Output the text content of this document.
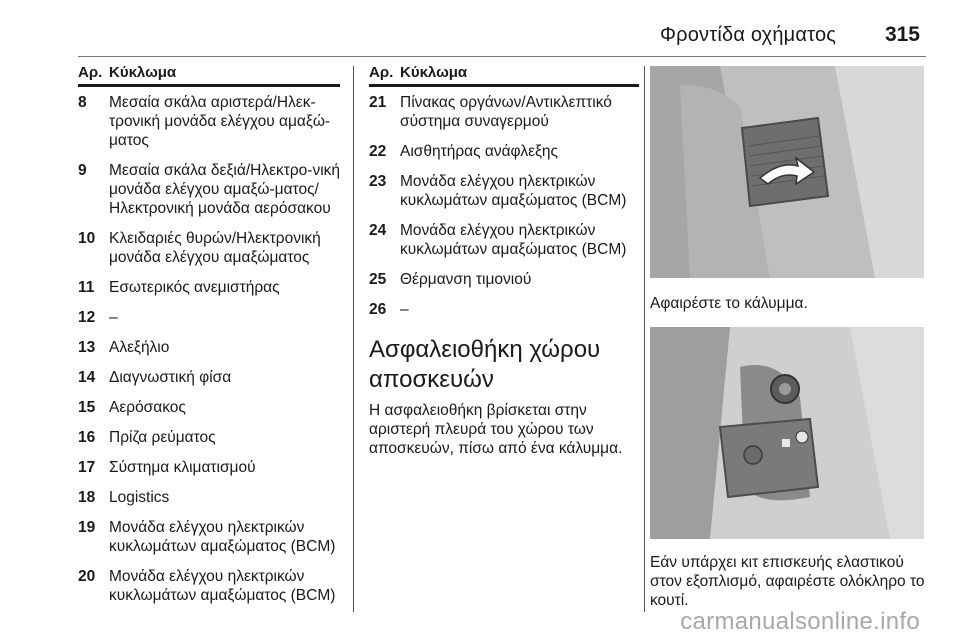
Φροντίδα οχήματος 315
Αρ. Κύκλωμα
8	Μεσαία σκάλα αριστερά/Ηλεκ-τρονική μονάδα ελέγχου αμαξώ-ματος
9	Μεσαία σκάλα δεξιά/Ηλεκτρο-νική μονάδα ελέγχου αμαξώ-ματος/Ηλεκτρονική μονάδα αερόσακου
10 Κλειδαριές θυρών/Ηλεκτρονική μονάδα ελέγχου αμαξώματος
11 Εσωτερικός ανεμιστήρας
12 –
13 Αλεξήλιο
14 Διαγνωστική φίσα
15 Αερόσακος
16 Πρίζα ρεύματος
17 Σύστημα κλιματισμού
18 Logistics
19 Μονάδα ελέγχου ηλεκτρικών κυκλωμάτων αμαξώματος (BCM)
20 Μονάδα ελέγχου ηλεκτρικών κυκλωμάτων αμαξώματος (BCM)
Αρ. Κύκλωμα
21 Πίνακας οργάνων/Αντικλεπτικό σύστημα συναγερμού
22 Αισθητήρας ανάφλεξης
23 Μονάδα ελέγχου ηλεκτρικών κυκλωμάτων αμαξώματος (BCM)
24 Μονάδα ελέγχου ηλεκτρικών κυκλωμάτων αμαξώματος (BCM)
25 Θέρμανση τιμονιού
26 –
Ασφαλειοθήκη χώρου αποσκευών
Η ασφαλειοθήκη βρίσκεται στην αριστερή πλευρά του χώρου των αποσκευών, πίσω από ένα κάλυμμα.
Αφαιρέστε το κάλυμμα.
Εάν υπάρχει κιτ επισκευής ελαστικού στον εξοπλισμό, αφαιρέστε ολόκληρο το κουτί.
carmanualsonline.info
